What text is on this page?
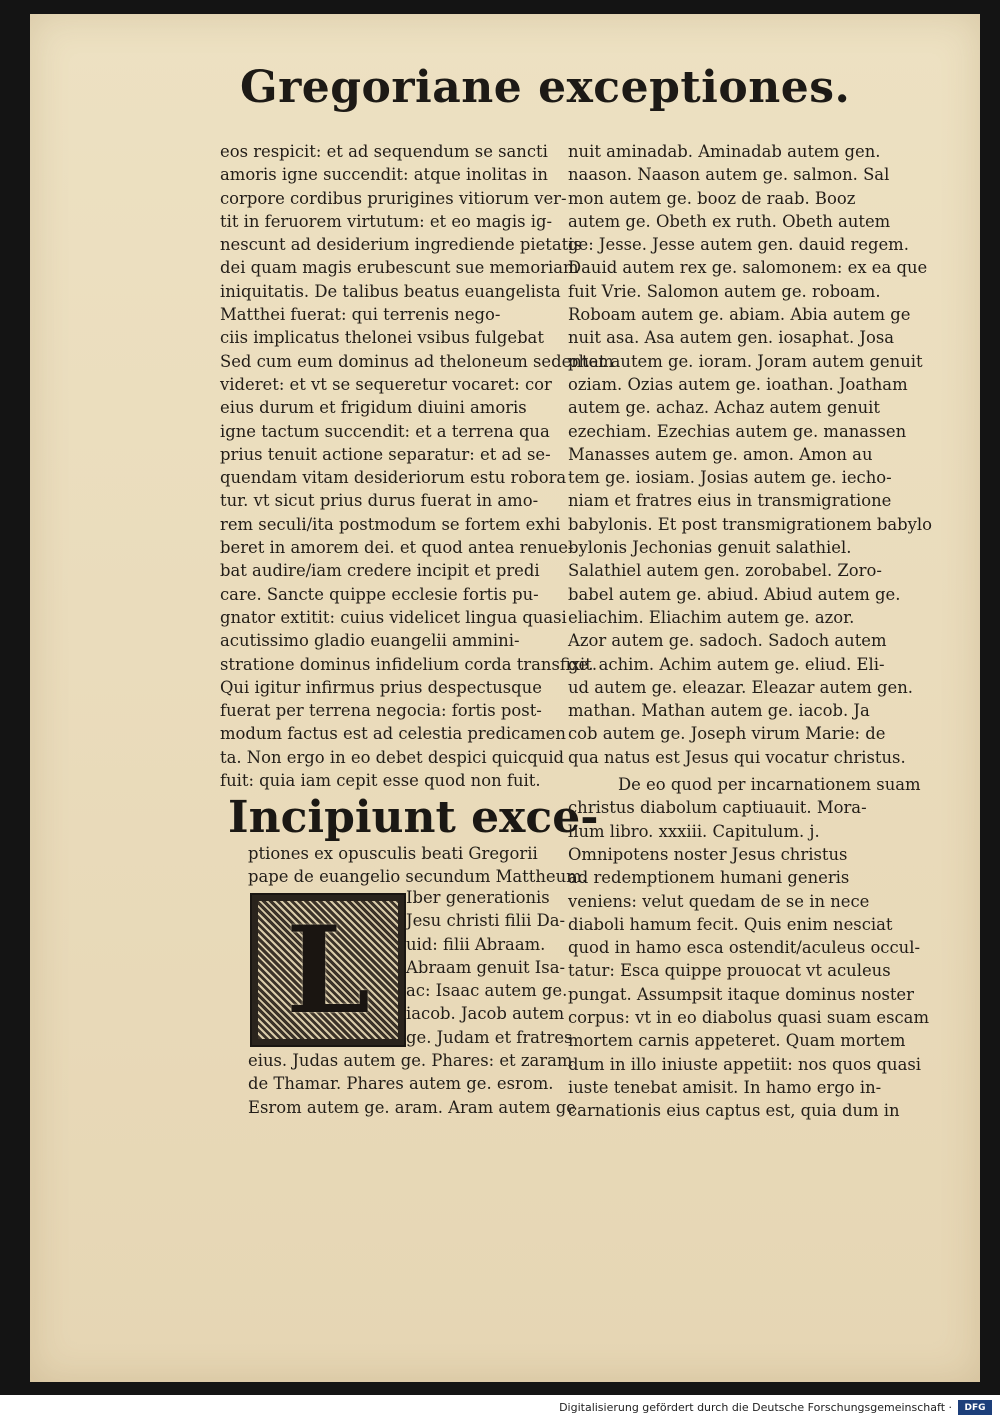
Gregoriane exceptiones.
eos respicit: et ad sequendum se sancti
amoris igne succendit: atque inolitas in
corpore cordibus prurigines vitiorum ver-
tit in feruorem virtutum: et eo magis ig-
nescunt ad desiderium ingrediende pietatis
dei quam magis erubescunt sue memoriam
iniquitatis. De talibus beatus euangelista
Matthei fuerat: qui terrenis nego-
ciis implicatus thelonei vsibus fulgebat
Sed cum eum dominus ad theloneum sedentem
videret: et vt se sequeretur vocaret: cor
eius durum et frigidum diuini amoris
igne tactum succendit: et a terrena qua
prius tenuit actione separatur: et ad se-
quendam vitam desideriorum estu robora
tur. vt sicut prius durus fuerat in amo-
rem seculi/ita postmodum se fortem exhi
beret in amorem dei. et quod antea renue-
bat audire/iam credere incipit et predi
care. Sancte quippe ecclesie fortis pu-
gnator extitit: cuius videlicet lingua quasi
acutissimo gladio euangelii ammini-
stratione dominus infidelium corda transfixit.
Qui igitur infirmus prius despectusque
fuerat per terrena negocia: fortis post-
modum factus est ad celestia predicamen
ta. Non ergo in eo debet despici quicquid
fuit: quia iam cepit esse quod non fuit.
nuit aminadab. Aminadab autem gen.
naason. Naason autem ge. salmon. Sal
mon autem ge. booz de raab. Booz
autem ge. Obeth ex ruth. Obeth autem
ge: Jesse. Jesse autem gen. dauid regem.
Dauid autem rex ge. salomonem: ex ea que
fuit Vrie. Salomon autem ge. roboam.
Roboam autem ge. abiam. Abia autem ge
nuit asa. Asa autem gen. iosaphat. Josa
phat autem ge. ioram. Joram autem genuit
oziam. Ozias autem ge. ioathan. Joatham
autem ge. achaz. Achaz autem genuit
ezechiam. Ezechias autem ge. manassen
Manasses autem ge. amon. Amon au
tem ge. iosiam. Josias autem ge. iecho-
niam et fratres eius in transmigratione
babylonis. Et post transmigrationem babylo
bylonis Jechonias genuit salathiel.
Salathiel autem gen. zorobabel. Zoro-
babel autem ge. abiud. Abiud autem ge.
eliachim. Eliachim autem ge. azor.
Azor autem ge. sadoch. Sadoch autem
ge. achim. Achim autem ge. eliud. Eli-
ud autem ge. eleazar. Eleazar autem gen.
mathan. Mathan autem ge. iacob. Ja
cob autem ge. Joseph virum Marie: de
qua natus est Jesus qui vocatur christus.
Incipiunt exce-
ptiones ex opusculis beati Gregorii
pape de euangelio secundum Mattheum.
L
Iber generationis
Jesu christi filii Da-
uid: filii Abraam.
Abraam genuit Isa-
ac: Isaac autem ge.
iacob. Jacob autem
ge. Judam et fratres
eius. Judas autem ge. Phares: et zaram
de Thamar. Phares autem ge. esrom.
Esrom autem ge. aram. Aram autem ge
De eo quod per incarnationem suam
christus diabolum captiuauit. Mora-
lium libro. xxxiii. Capitulum. j.
Omnipotens noster Jesus christus
ad redemptionem humani generis
veniens: velut quedam de se in nece
diaboli hamum fecit. Quis enim nesciat
quod in hamo esca ostendit/aculeus occul-
tatur: Esca quippe prouocat vt aculeus
pungat. Assumpsit itaque dominus noster
corpus: vt in eo diabolus quasi suam escam
mortem carnis appeteret. Quam mortem
dum in illo iniuste appetiit: nos quos quasi
iuste tenebat amisit. In hamo ergo in-
carnationis eius captus est, quia dum in
Digitalisierung gefördert durch die Deutsche Forschungsgemeinschaft ·	DFG
